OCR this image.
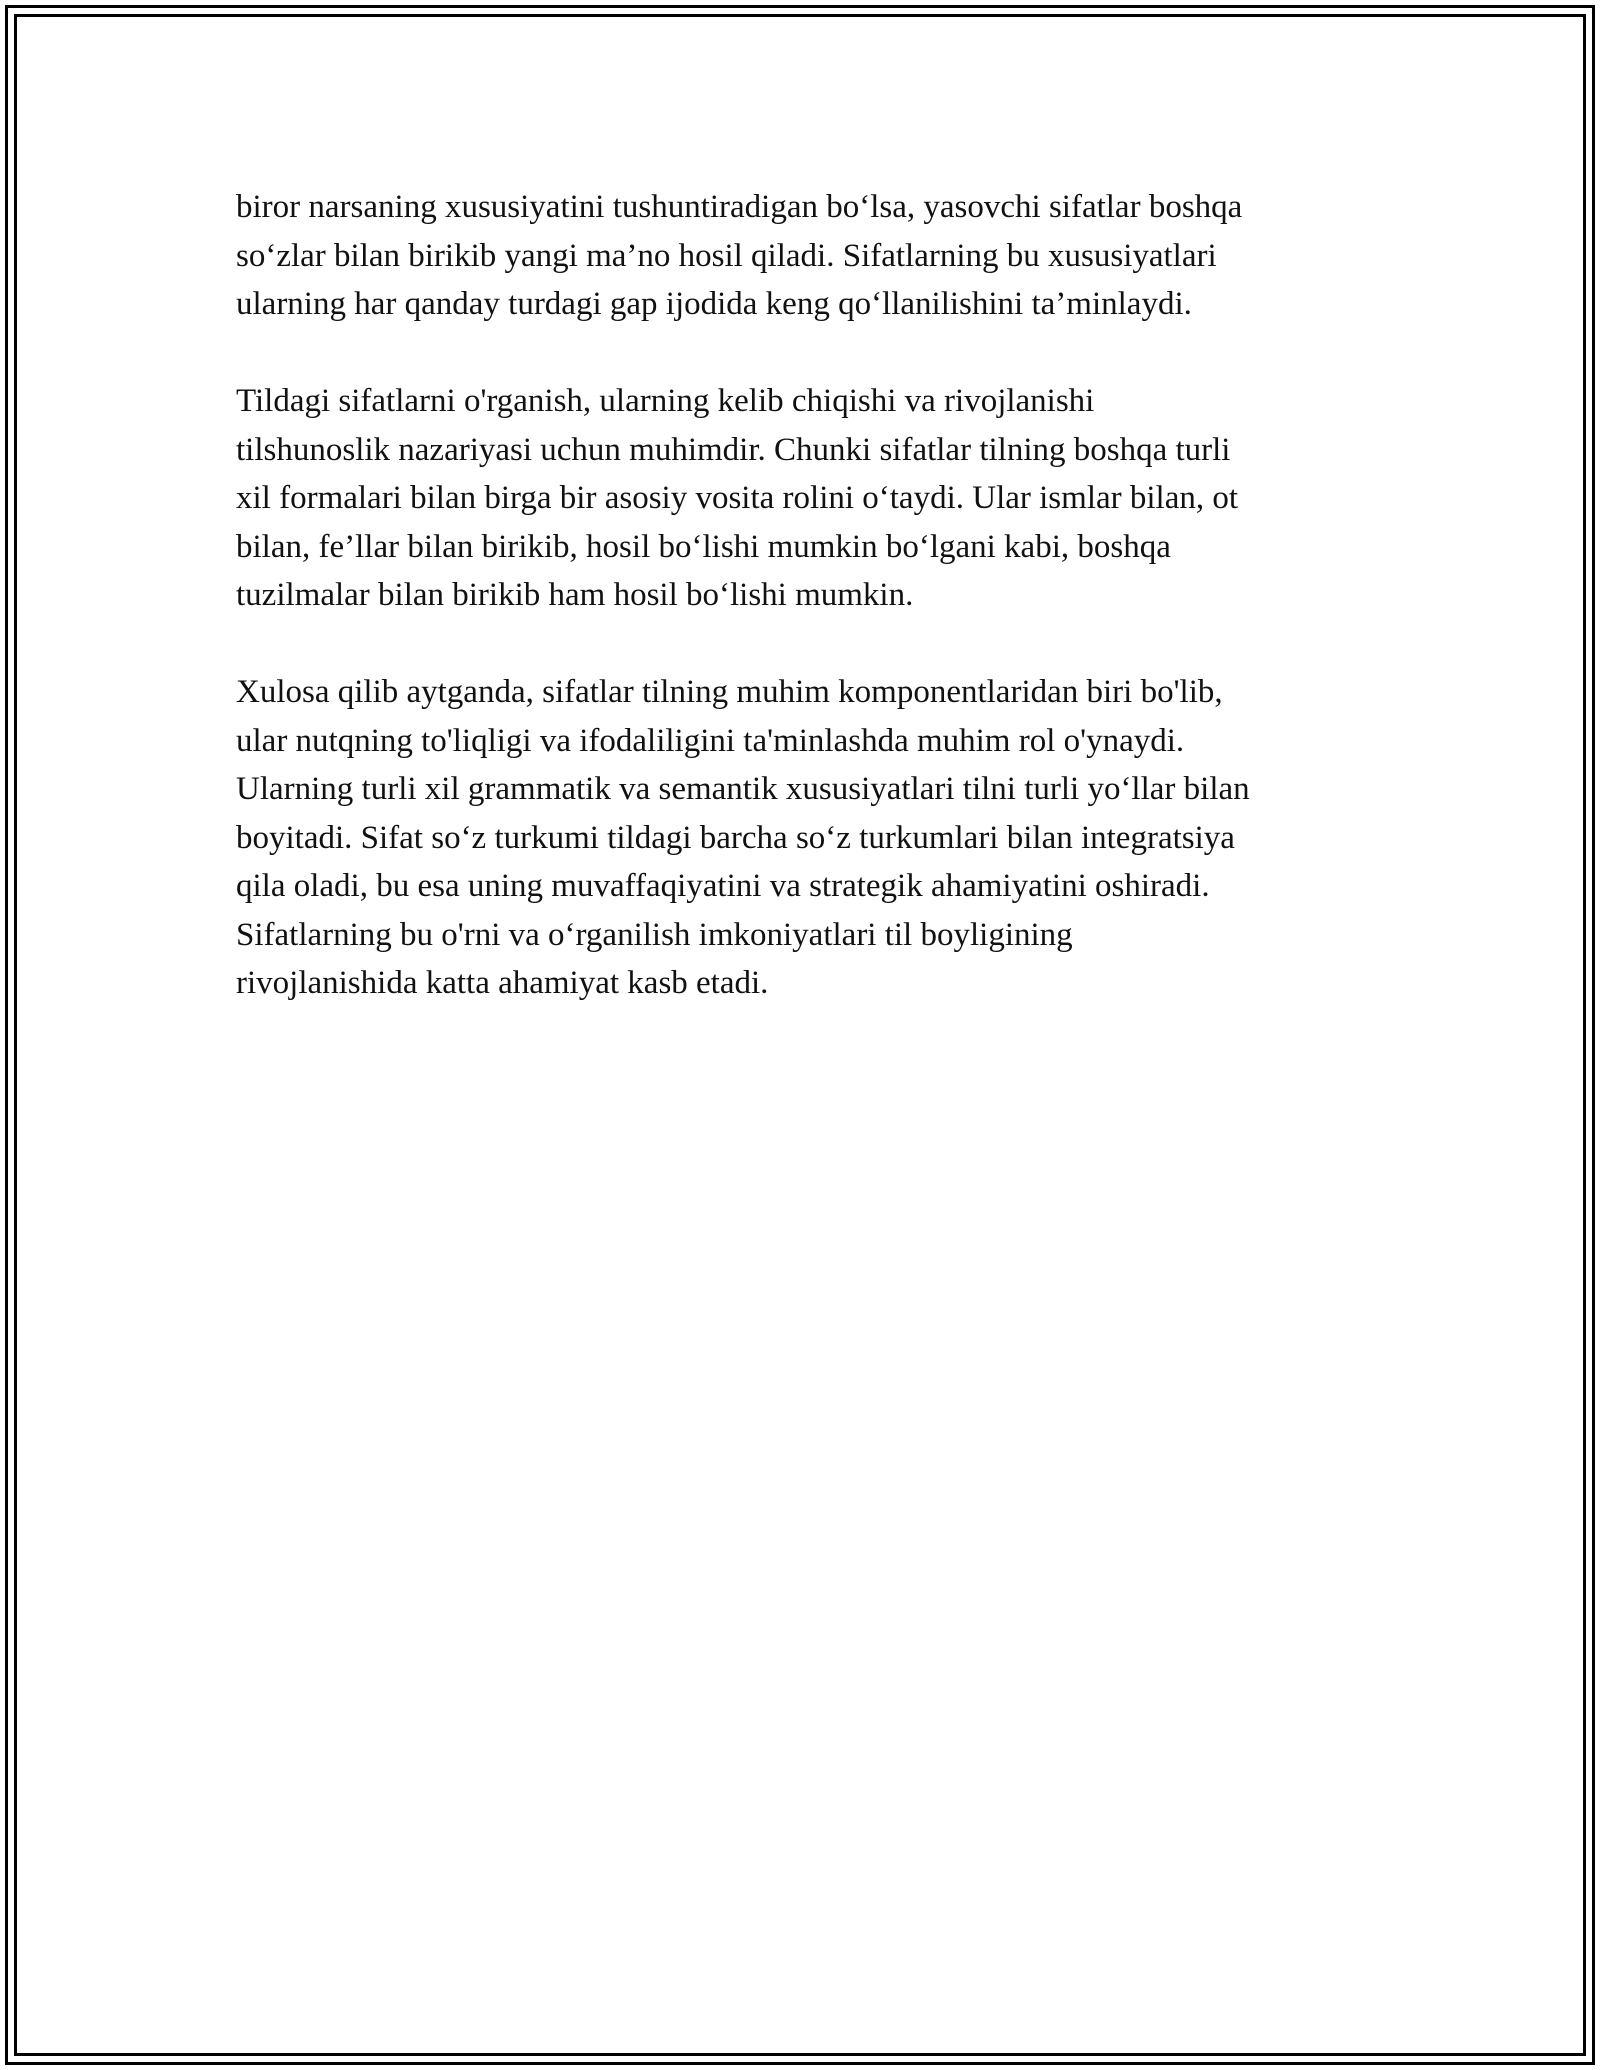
biror narsaning xususiyatini tushuntiradigan bo‘lsa, yasovchi sifatlar boshqa
so‘zlar bilan birikib yangi ma’no hosil qiladi. Sifatlarning bu xususiyatlari
ularning har qanday turdagi gap ijodida keng qo‘llanilishini ta’minlaydi.

Tildagi sifatlarni o'rganish, ularning kelib chiqishi va rivojlanishi
tilshunoslik nazariyasi uchun muhimdir. Chunki sifatlar tilning boshqa turli
xil formalari bilan birga bir asosiy vosita rolini o‘taydi. Ular ismlar bilan, ot
bilan, fe’llar bilan birikib, hosil bo‘lishi mumkin bo‘lgani kabi, boshqa
tuzilmalar bilan birikib ham hosil bo‘lishi mumkin.

Xulosa qilib aytganda, sifatlar tilning muhim komponentlaridan biri bo'lib,
ular nutqning to'liqligi va ifodaliligini ta'minlashda muhim rol o'ynaydi.
Ularning turli xil grammatik va semantik xususiyatlari tilni turli yo‘llar bilan
boyitadi. Sifat so‘z turkumi tildagi barcha so‘z turkumlari bilan integratsiya
qila oladi, bu esa uning muvaffaqiyatini va strategik ahamiyatini oshiradi.
Sifatlarning bu o'rni va o‘rganilish imkoniyatlari til boyligining
rivojlanishida katta ahamiyat kasb etadi.
